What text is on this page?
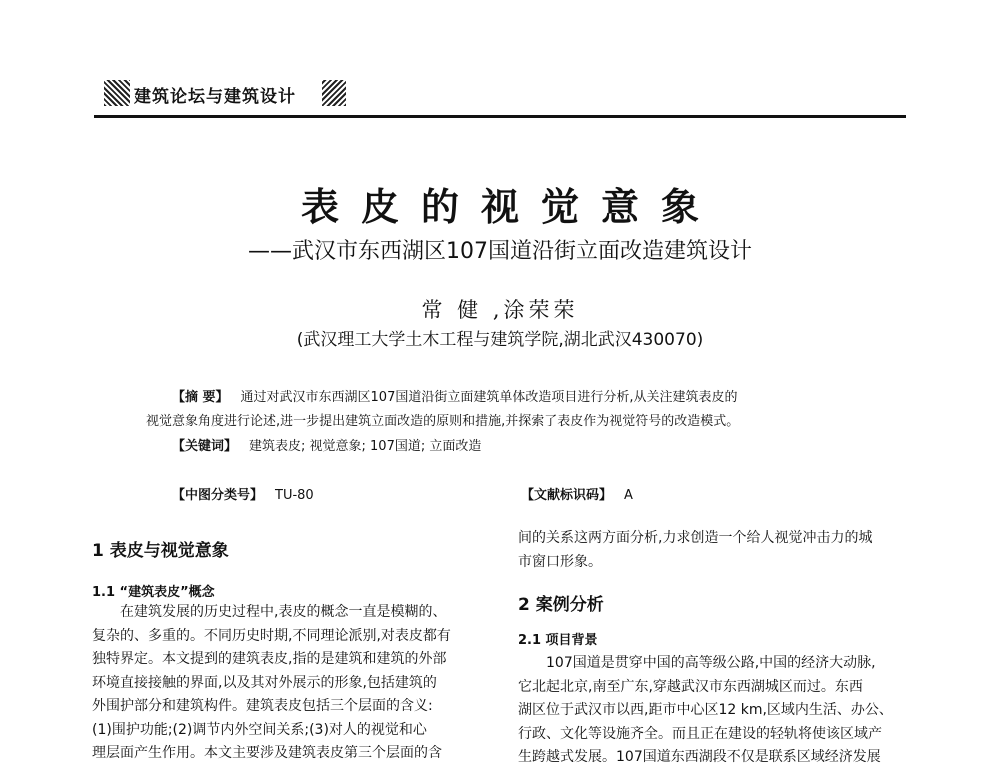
建筑论坛与建筑设计
表皮的视觉意象
——武汉市东西湖区107国道沿街立面改造建筑设计
常 健 ,涂荣荣
(武汉理工大学土木工程与建筑学院,湖北武汉430070)
【摘 要】 通过对武汉市东西湖区107国道沿街立面建筑单体改造项目进行分析,从关注建筑表皮的
视觉意象角度进行论述,进一步提出建筑立面改造的原则和措施,并探索了表皮作为视觉符号的改造模式。
【关键词】 建筑表皮; 视觉意象; 107国道; 立面改造
【中图分类号】 TU-80	【文献标识码】 A
1 表皮与视觉意象
1.1 “建筑表皮”概念
在建筑发展的历史过程中,表皮的概念一直是模糊的、
复杂的、多重的。不同历史时期,不同理论派别,对表皮都有
独特界定。本文提到的建筑表皮,指的是建筑和建筑的外部
环境直接接触的界面,以及其对外展示的形象,包括建筑的
外围护部分和建筑构件。建筑表皮包括三个层面的含义:
(1)围护功能;(2)调节内外空间关系;(3)对人的视觉和心
理层面产生作用。本文主要涉及建筑表皮第三个层面的含
间的关系这两方面分析,力求创造一个给人视觉冲击力的城
市窗口形象。
2 案例分析
2.1 项目背景
107国道是贯穿中国的高等级公路,中国的经济大动脉,
它北起北京,南至广东,穿越武汉市东西湖城区而过。东西
湖区位于武汉市以西,距市中心区12 km,区域内生活、办公、
行政、文化等设施齐全。而且正在建设的轻轨将使该区域产
生跨越式发展。107国道东西湖段不仅是联系区域经济发展
